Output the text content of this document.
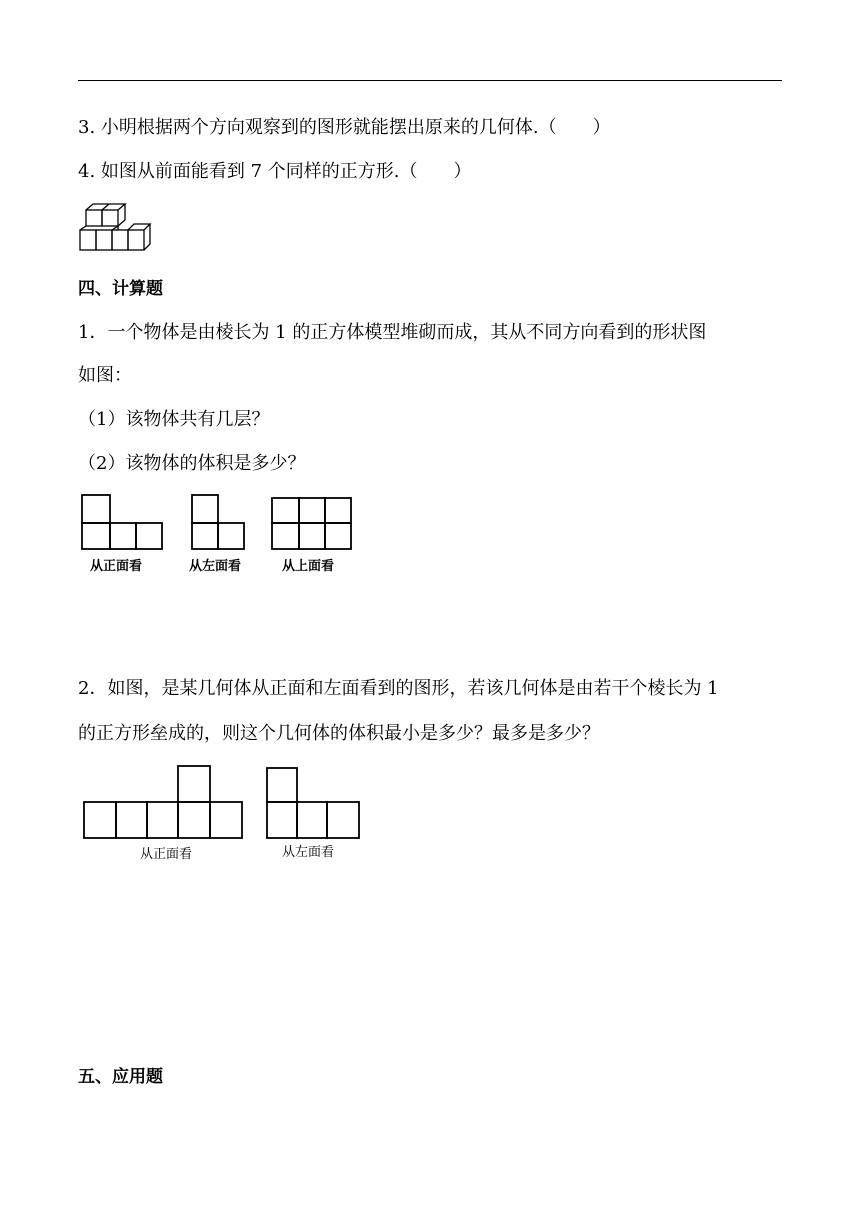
3. 小明根据两个方向观察到的图形就能摆出原来的几何体.（　　）
4. 如图从前面能看到 7 个同样的正方形.（　　）
四、计算题
1．一个物体是由棱长为 1 的正方体模型堆砌而成，其从不同方向看到的形状图
如图：
（1）该物体共有几层？
（2）该物体的体积是多少？
从正面看	从左面看	从上面看
2．如图，是某几何体从正面和左面看到的图形，若该几何体是由若干个棱长为 1
的正方形垒成的，则这个几何体的体积最小是多少？最多是多少？
从正面看	从左面看
五、应用题
